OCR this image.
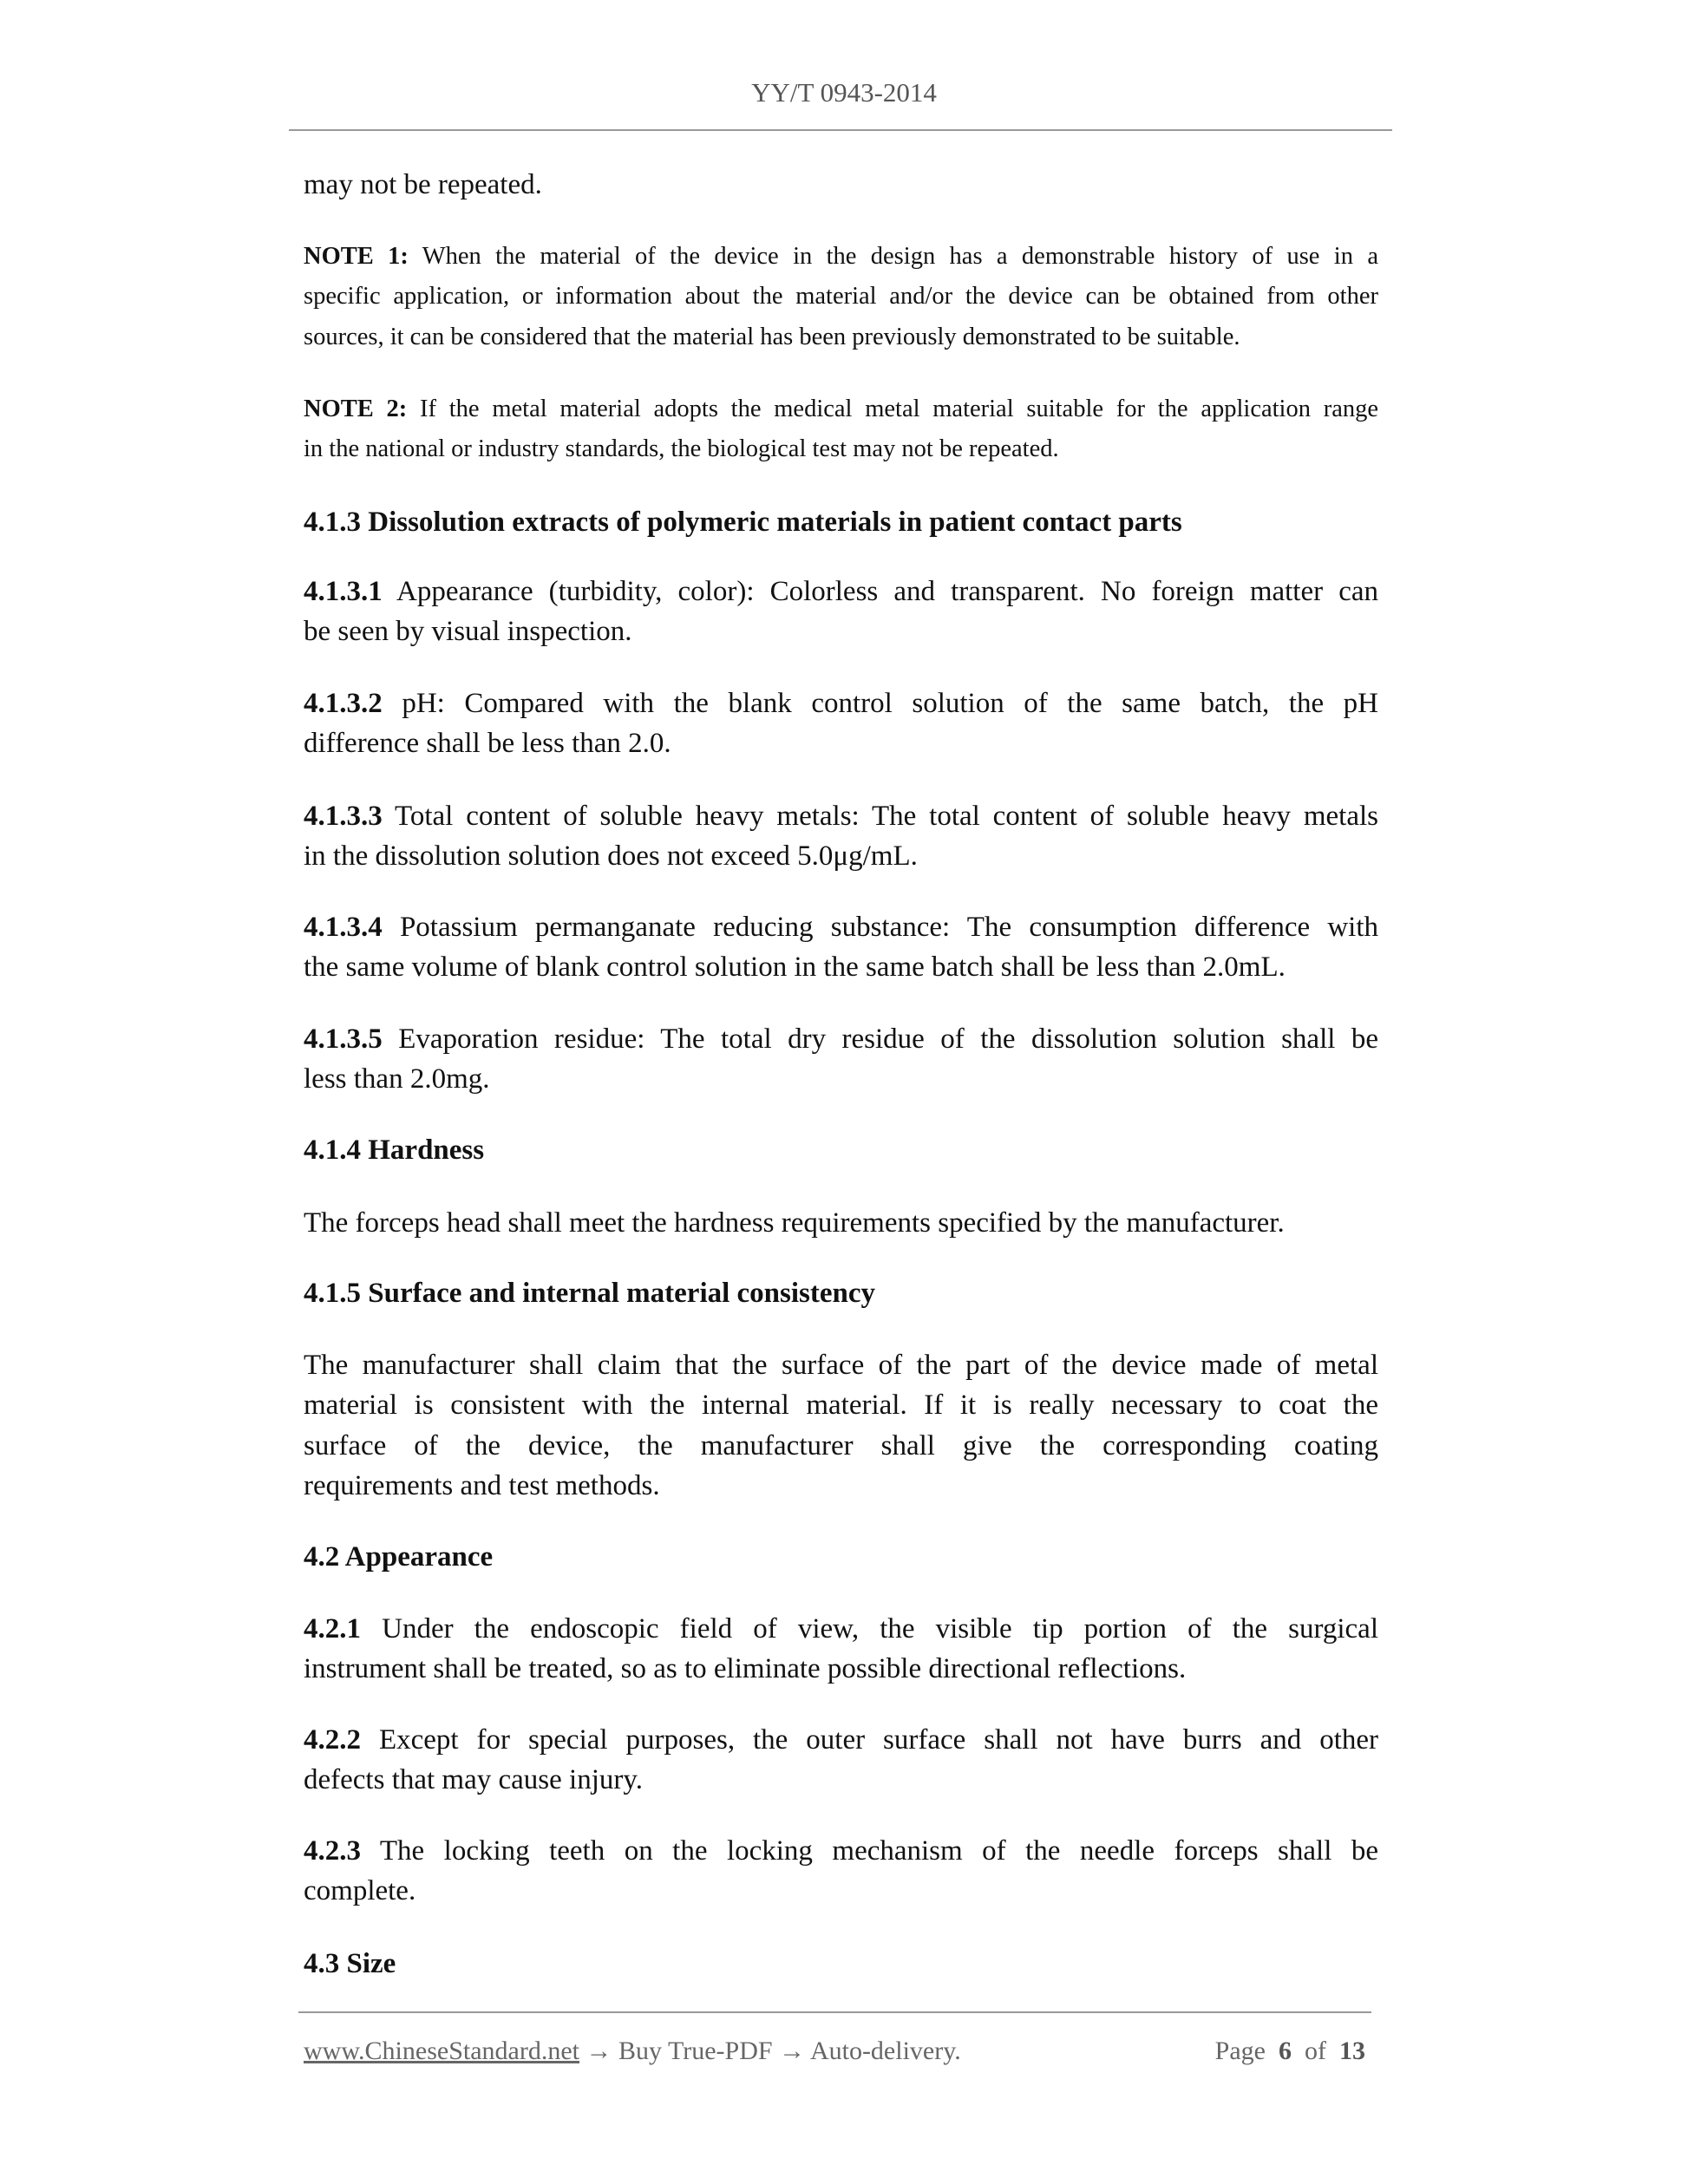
YY/T 0943-2014
may not be repeated.
NOTE 1: When the material of the device in the design has a demonstrable history of use in a
specific application, or information about the material and/or the device can be obtained from other
sources, it can be considered that the material has been previously demonstrated to be suitable.
NOTE 2: If the metal material adopts the medical metal material suitable for the application range
in the national or industry standards, the biological test may not be repeated.
4.1.3 Dissolution extracts of polymeric materials in patient contact parts
4.1.3.1 Appearance (turbidity, color): Colorless and transparent. No foreign matter can
be seen by visual inspection.
4.1.3.2 pH: Compared with the blank control solution of the same batch, the pH
difference shall be less than 2.0.
4.1.3.3 Total content of soluble heavy metals: The total content of soluble heavy metals
in the dissolution solution does not exceed 5.0μg/mL.
4.1.3.4 Potassium permanganate reducing substance: The consumption difference with
the same volume of blank control solution in the same batch shall be less than 2.0mL.
4.1.3.5 Evaporation residue: The total dry residue of the dissolution solution shall be
less than 2.0mg.
4.1.4 Hardness
The forceps head shall meet the hardness requirements specified by the manufacturer.
4.1.5 Surface and internal material consistency
The manufacturer shall claim that the surface of the part of the device made of metal
material is consistent with the internal material. If it is really necessary to coat the
surface of the device, the manufacturer shall give the corresponding coating
requirements and test methods.
4.2 Appearance
4.2.1 Under the endoscopic field of view, the visible tip portion of the surgical
instrument shall be treated, so as to eliminate possible directional reflections.
4.2.2 Except for special purposes, the outer surface shall not have burrs and other
defects that may cause injury.
4.2.3 The locking teeth on the locking mechanism of the needle forceps shall be
complete.
4.3 Size
www.ChineseStandard.net → Buy True-PDF → Auto-delivery.	Page 6 of 13
